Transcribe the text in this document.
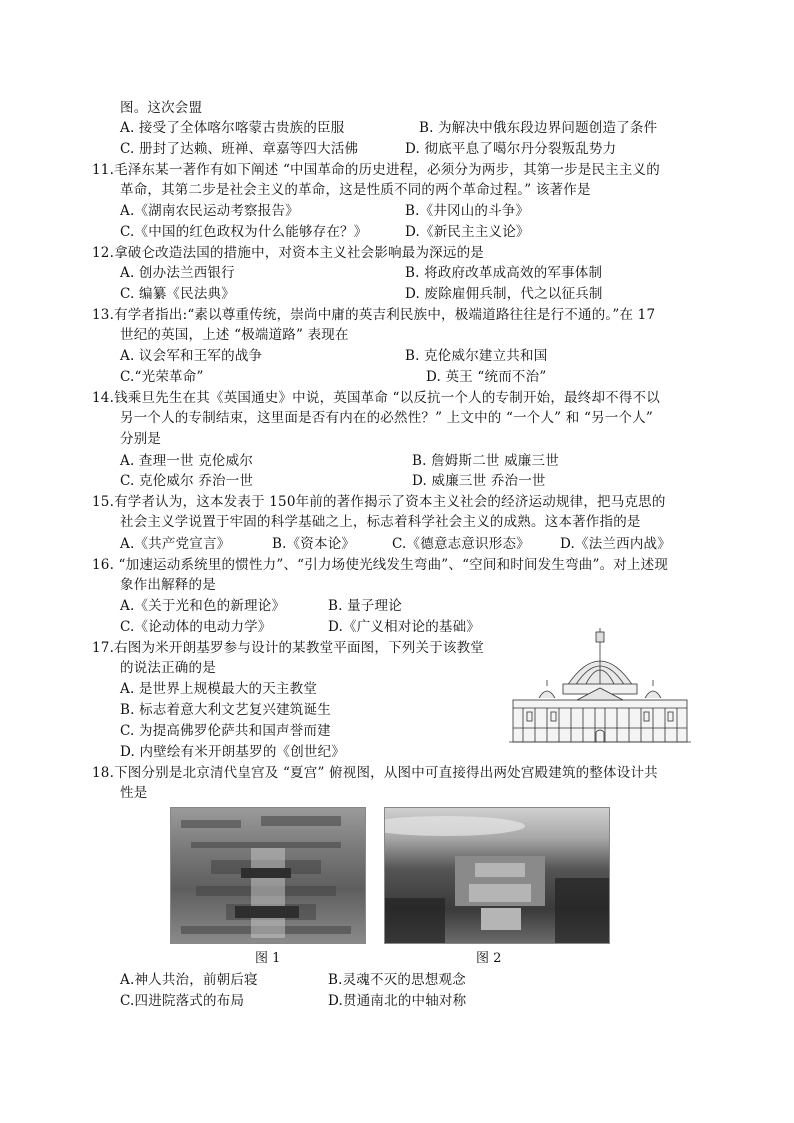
图。这次会盟
A. 接受了全体喀尔喀蒙古贵族的臣服	B. 为解决中俄东段边界问题创造了条件
C. 册封了达赖、班禅、章嘉等四大活佛	D. 彻底平息了噶尔丹分裂叛乱势力
11.毛泽东某一著作有如下阐述 “中国革命的历史进程，必须分为两步，其第一步是民主主义的
革命，其第二步是社会主义的革命，这是性质不同的两个革命过程。” 该著作是
A.《湖南农民运动考察报告》	B.《井冈山的斗争》
C.《中国的红色政权为什么能够存在？》	D.《新民主主义论》
12.拿破仑改造法国的措施中，对资本主义社会影响最为深远的是
A. 创办法兰西银行	B. 将政府改革成高效的军事体制
C. 编纂《民法典》	D. 废除雇佣兵制，代之以征兵制
13.有学者指出:“素以尊重传统，崇尚中庸的英吉利民族中，极端道路往往是行不通的。”在 17
世纪的英国，上述 “极端道路” 表现在
A. 议会军和王军的战争	B. 克伦威尔建立共和国
C.“光荣革命”	D. 英王 “统而不治”
14.钱乘旦先生在其《英国通史》中说，英国革命 “以反抗一个人的专制开始，最终却不得不以
另一个人的专制结束，这里面是否有内在的必然性？” 上文中的 “一个人” 和 “另一个人”
分别是
A. 查理一世 克伦威尔	B. 詹姆斯二世 威廉三世
C. 克伦威尔 乔治一世	D. 威廉三世 乔治一世
15.有学者认为，这本发表于 150年前的著作揭示了资本主义社会的经济运动规律，把马克思的
社会主义学说置于牢固的科学基础之上，标志着科学社会主义的成熟。这本著作指的是
A.《共产党宣言》	B.《资本论》	C.《德意志意识形态》 D.《法兰西内战》
16. “加速运动系统里的惯性力”、“引力场使光线发生弯曲”、“空间和时间发生弯曲”。对上述现
象作出解释的是
A.《关于光和色的新理论》	B. 量子理论
C.《论动体的电动力学》	D.《广义相对论的基础》
17.右图为米开朗基罗参与设计的某教堂平面图，下列关于该教堂
的说法正确的是
A. 是世界上规模最大的天主教堂
B. 标志着意大利文艺复兴建筑诞生
C. 为提高佛罗伦萨共和国声誉而建
D. 内壁绘有米开朗基罗的《创世纪》
18.下图分别是北京清代皇宫及 “夏宫” 俯视图，从图中可直接得出两处宫殿建筑的整体设计共
性是
图 1	图 2
A.神人共治，前朝后寝	B.灵魂不灭的思想观念
C.四进院落式的布局	D.贯通南北的中轴对称
